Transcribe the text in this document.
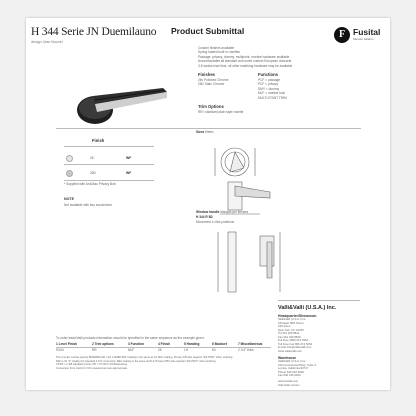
H 344 Serie JN Duemilauno
design Jean Nouvel
Product Submittal	F Fusital
Metodo Italiano
Custom finishes available
Spring loaded built in rosettes
Passage, privacy, dummy, multipoint, mortise hardware available
Accommodates all standard and some custom European doorsets
3-5 weeks lead time, all other matching hardware may be available
Finishes
26v Polished Chrome
26D Satin Chrome
Functions
PCF = passage
PCF = privacy
DMY = dummy
MLF = mortise lock
MULTI-POINT TRIM
Trim Options
RR= standard plain style rosette
Finish
26	INF
26D	INF
* Supplied with Anti-Bac Privacy Bolt
NOTE
Not available with key escutcheon
Sizes Metric
Window handle Manglia per finestra
H 344 R B2
Movement 4 click positions
Valli&Valli (U.S.A.) Inc.
Headquarter/Showroom
Valli&Valli (U.S.A.) Inc.
150 East 58th Street
24th Floor
New York, NY 10155
Tel 212 326 8811
Fax 212 326 8816
Toll Free 1800 213 5454
Toll Free Fax 866 213 5454
E-mail info@vallievalli.com
www.vallievalli.com
Warehouse
Valli&Valli (U.S.A.) Inc.
219 Commercial Pkwy, Suite 4
Lomita, California 90717
Phone 646 216 6040
Fax 646 216 6044
To order trade/Valli products information should be specified in the same sequence as the example given:
1 Level Finish	2 Trim options	3 Function	4 Finish	5 Handing	6 Backset	7 Miscellaneous
H344	RR	MLF	26	LH	60	2 1/4" thick
The 4 small, mortise specify 8MAR800-AR, mini 1 AMBA PAF rotating is the same as for MLF rotating. Privacy PR also requires "EX-PRIV" when ordering.
PAF is 32 "F" rotating for standard 2 1/4" cross bore; DEA rotating is the same as PLF. Privacy PRV also requires "EX-PRIV" when ordering.
If PDF = 2 3/8 standard (most); PR = 70 OR 2 3/4 Backset/ing.
Conversion from metric for US measurement are approximate.
www.fusital.com
Submittal version
